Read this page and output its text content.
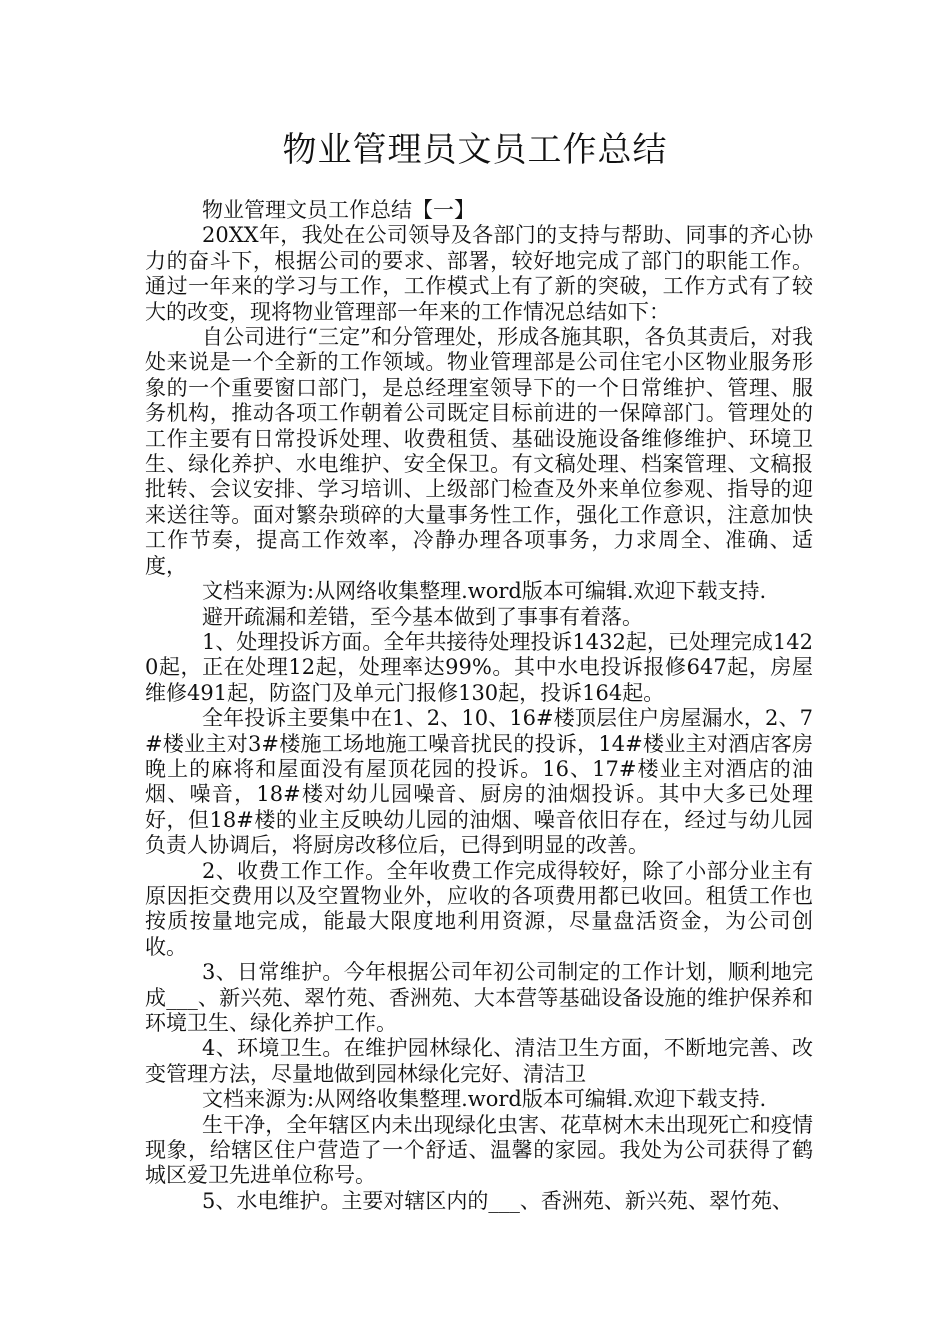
物业管理员文员工作总结

物业管理文员工作总结【一】

20XX年，我处在公司领导及各部门的支持与帮助、同事的齐心协力的奋斗下，根据公司的要求、部署，较好地完成了部门的职能工作。通过一年来的学习与工作，工作模式上有了新的突破，工作方式有了较大的改变，现将物业管理部一年来的工作情况总结如下：

自公司进行“三定”和分管理处，形成各施其职，各负其责后，对我处来说是一个全新的工作领域。物业管理部是公司住宅小区物业服务形象的一个重要窗口部门，是总经理室领导下的一个日常维护、管理、服务机构，推动各项工作朝着公司既定目标前进的一保障部门。管理处的工作主要有日常投诉处理、收费租赁、基础设施设备维修维护、环境卫生、绿化养护、水电维护、安全保卫。有文稿处理、档案管理、文稿报批转、会议安排、学习培训、上级部门检查及外来单位参观、指导的迎来送往等。面对繁杂琐碎的大量事务性工作，强化工作意识，注意加快工作节奏，提高工作效率，冷静办理各项事务，力求周全、准确、适度，

文档来源为:从网络收集整理.word版本可编辑.欢迎下载支持.

避开疏漏和差错，至今基本做到了事事有着落。

1、处理投诉方面。全年共接待处理投诉1432起，已处理完成1420起，正在处理12起，处理率达99%。其中水电投诉报修647起，房屋维修491起，防盗门及单元门报修130起，投诉164起。

全年投诉主要集中在1、2、10、16#楼顶层住户房屋漏水，2、7#楼业主对3#楼施工场地施工噪音扰民的投诉，14#楼业主对酒店客房晚上的麻将和屋面没有屋顶花园的投诉。16、17#楼业主对酒店的油烟、噪音，18#楼对幼儿园噪音、厨房的油烟投诉。其中大多已处理好，但18#楼的业主反映幼儿园的油烟、噪音依旧存在，经过与幼儿园负责人协调后，将厨房改移位后，已得到明显的改善。

2、收费工作工作。全年收费工作完成得较好，除了小部分业主有原因拒交费用以及空置物业外，应收的各项费用都已收回。租赁工作也按质按量地完成，能最大限度地利用资源，尽量盘活资金，为公司创收。

3、日常维护。今年根据公司年初公司制定的工作计划，顺利地完成___、新兴苑、翠竹苑、香洲苑、大本营等基础设备设施的维护保养和环境卫生、绿化养护工作。

4、环境卫生。在维护园林绿化、清洁卫生方面，不断地完善、改变管理方法，尽量地做到园林绿化完好、清洁卫

文档来源为:从网络收集整理.word版本可编辑.欢迎下载支持.

生干净，全年辖区内未出现绿化虫害、花草树木未出现死亡和疫情现象，给辖区住户营造了一个舒适、温馨的家园。我处为公司获得了鹤城区爱卫先进单位称号。

5、水电维护。主要对辖区内的___、香洲苑、新兴苑、翠竹苑、
